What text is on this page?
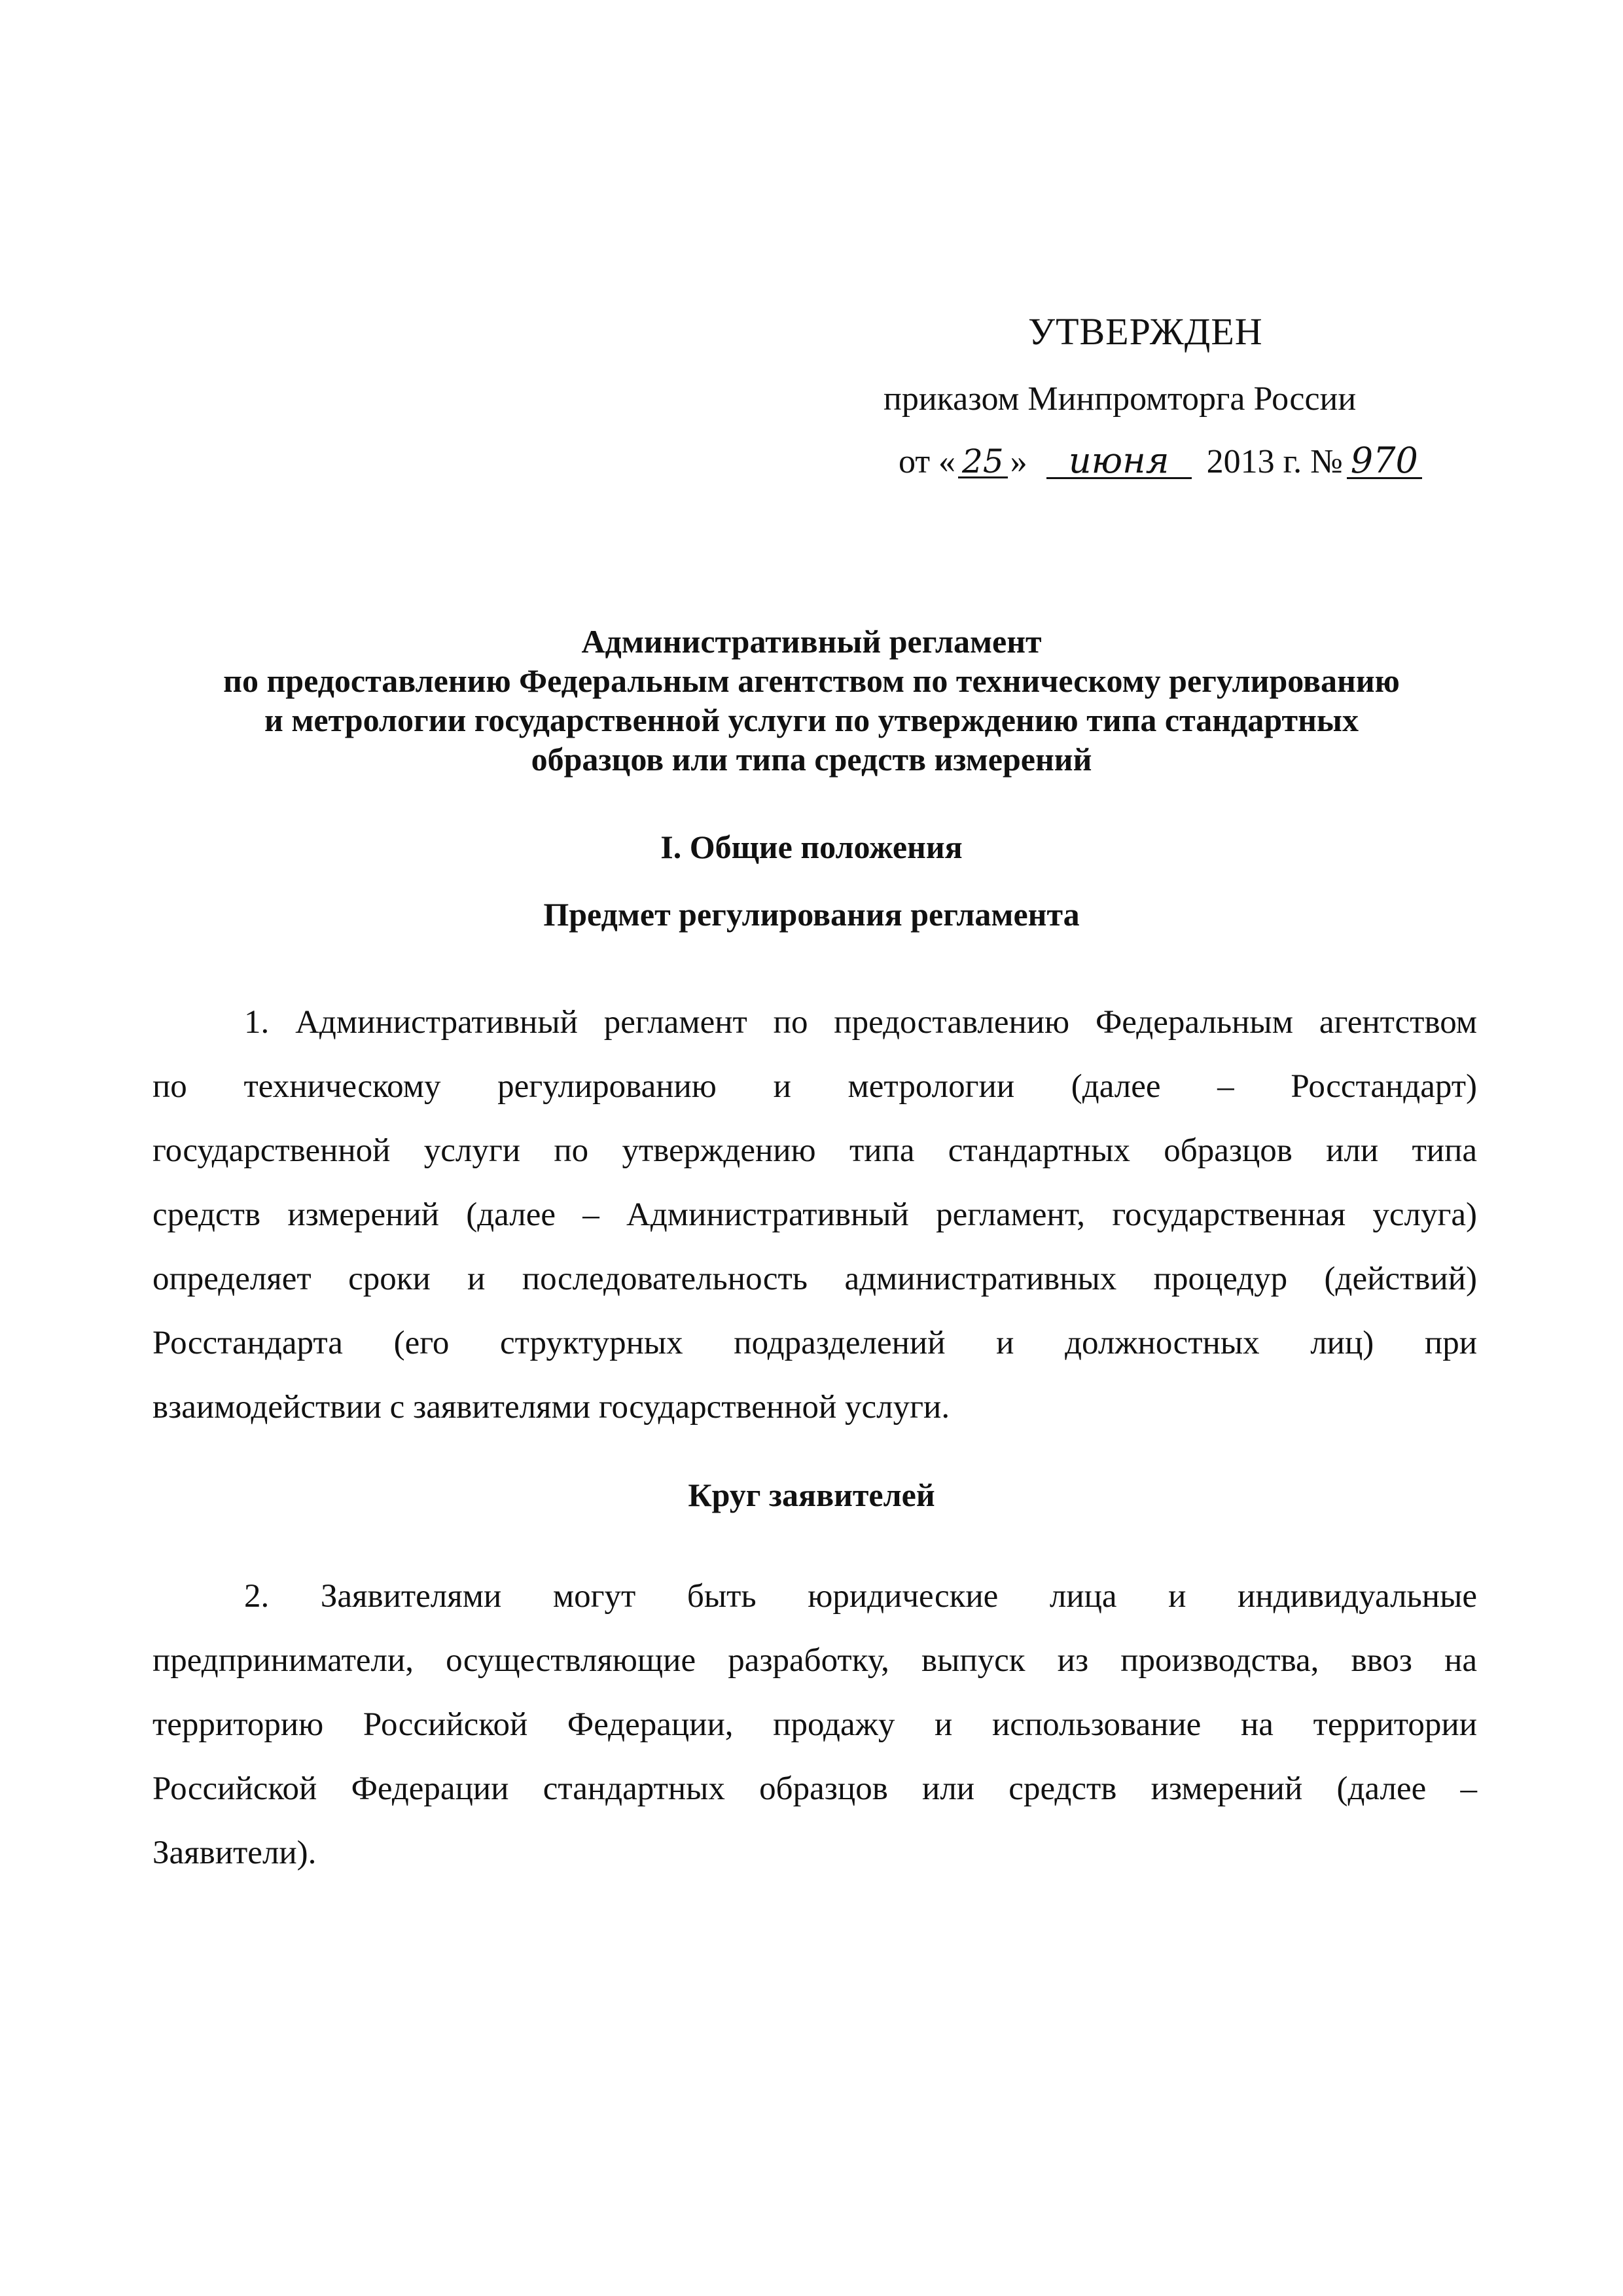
УТВЕРЖДЕН
приказом Минпромторга России
от « 25 » июня 2013 г. № 970
Административный регламент
по предоставлению Федеральным агентством по техническому регулированию
и метрологии государственной услуги по утверждению типа стандартных
образцов или типа средств измерений
I. Общие положения
Предмет регулирования регламента
1. Административный регламент по предоставлению Федеральным агентством
по техническому регулированию и метрологии (далее – Росстандарт)
государственной услуги по утверждению типа стандартных образцов или типа
средств измерений (далее – Административный регламент, государственная услуга)
определяет сроки и последовательность административных процедур (действий)
Росстандарта (его структурных подразделений и должностных лиц) при
взаимодействии с заявителями государственной услуги.
Круг заявителей
2. Заявителями могут быть юридические лица и индивидуальные
предприниматели, осуществляющие разработку, выпуск из производства, ввоз на
территорию Российской Федерации, продажу и использование на территории
Российской Федерации стандартных образцов или средств измерений (далее –
Заявители).
